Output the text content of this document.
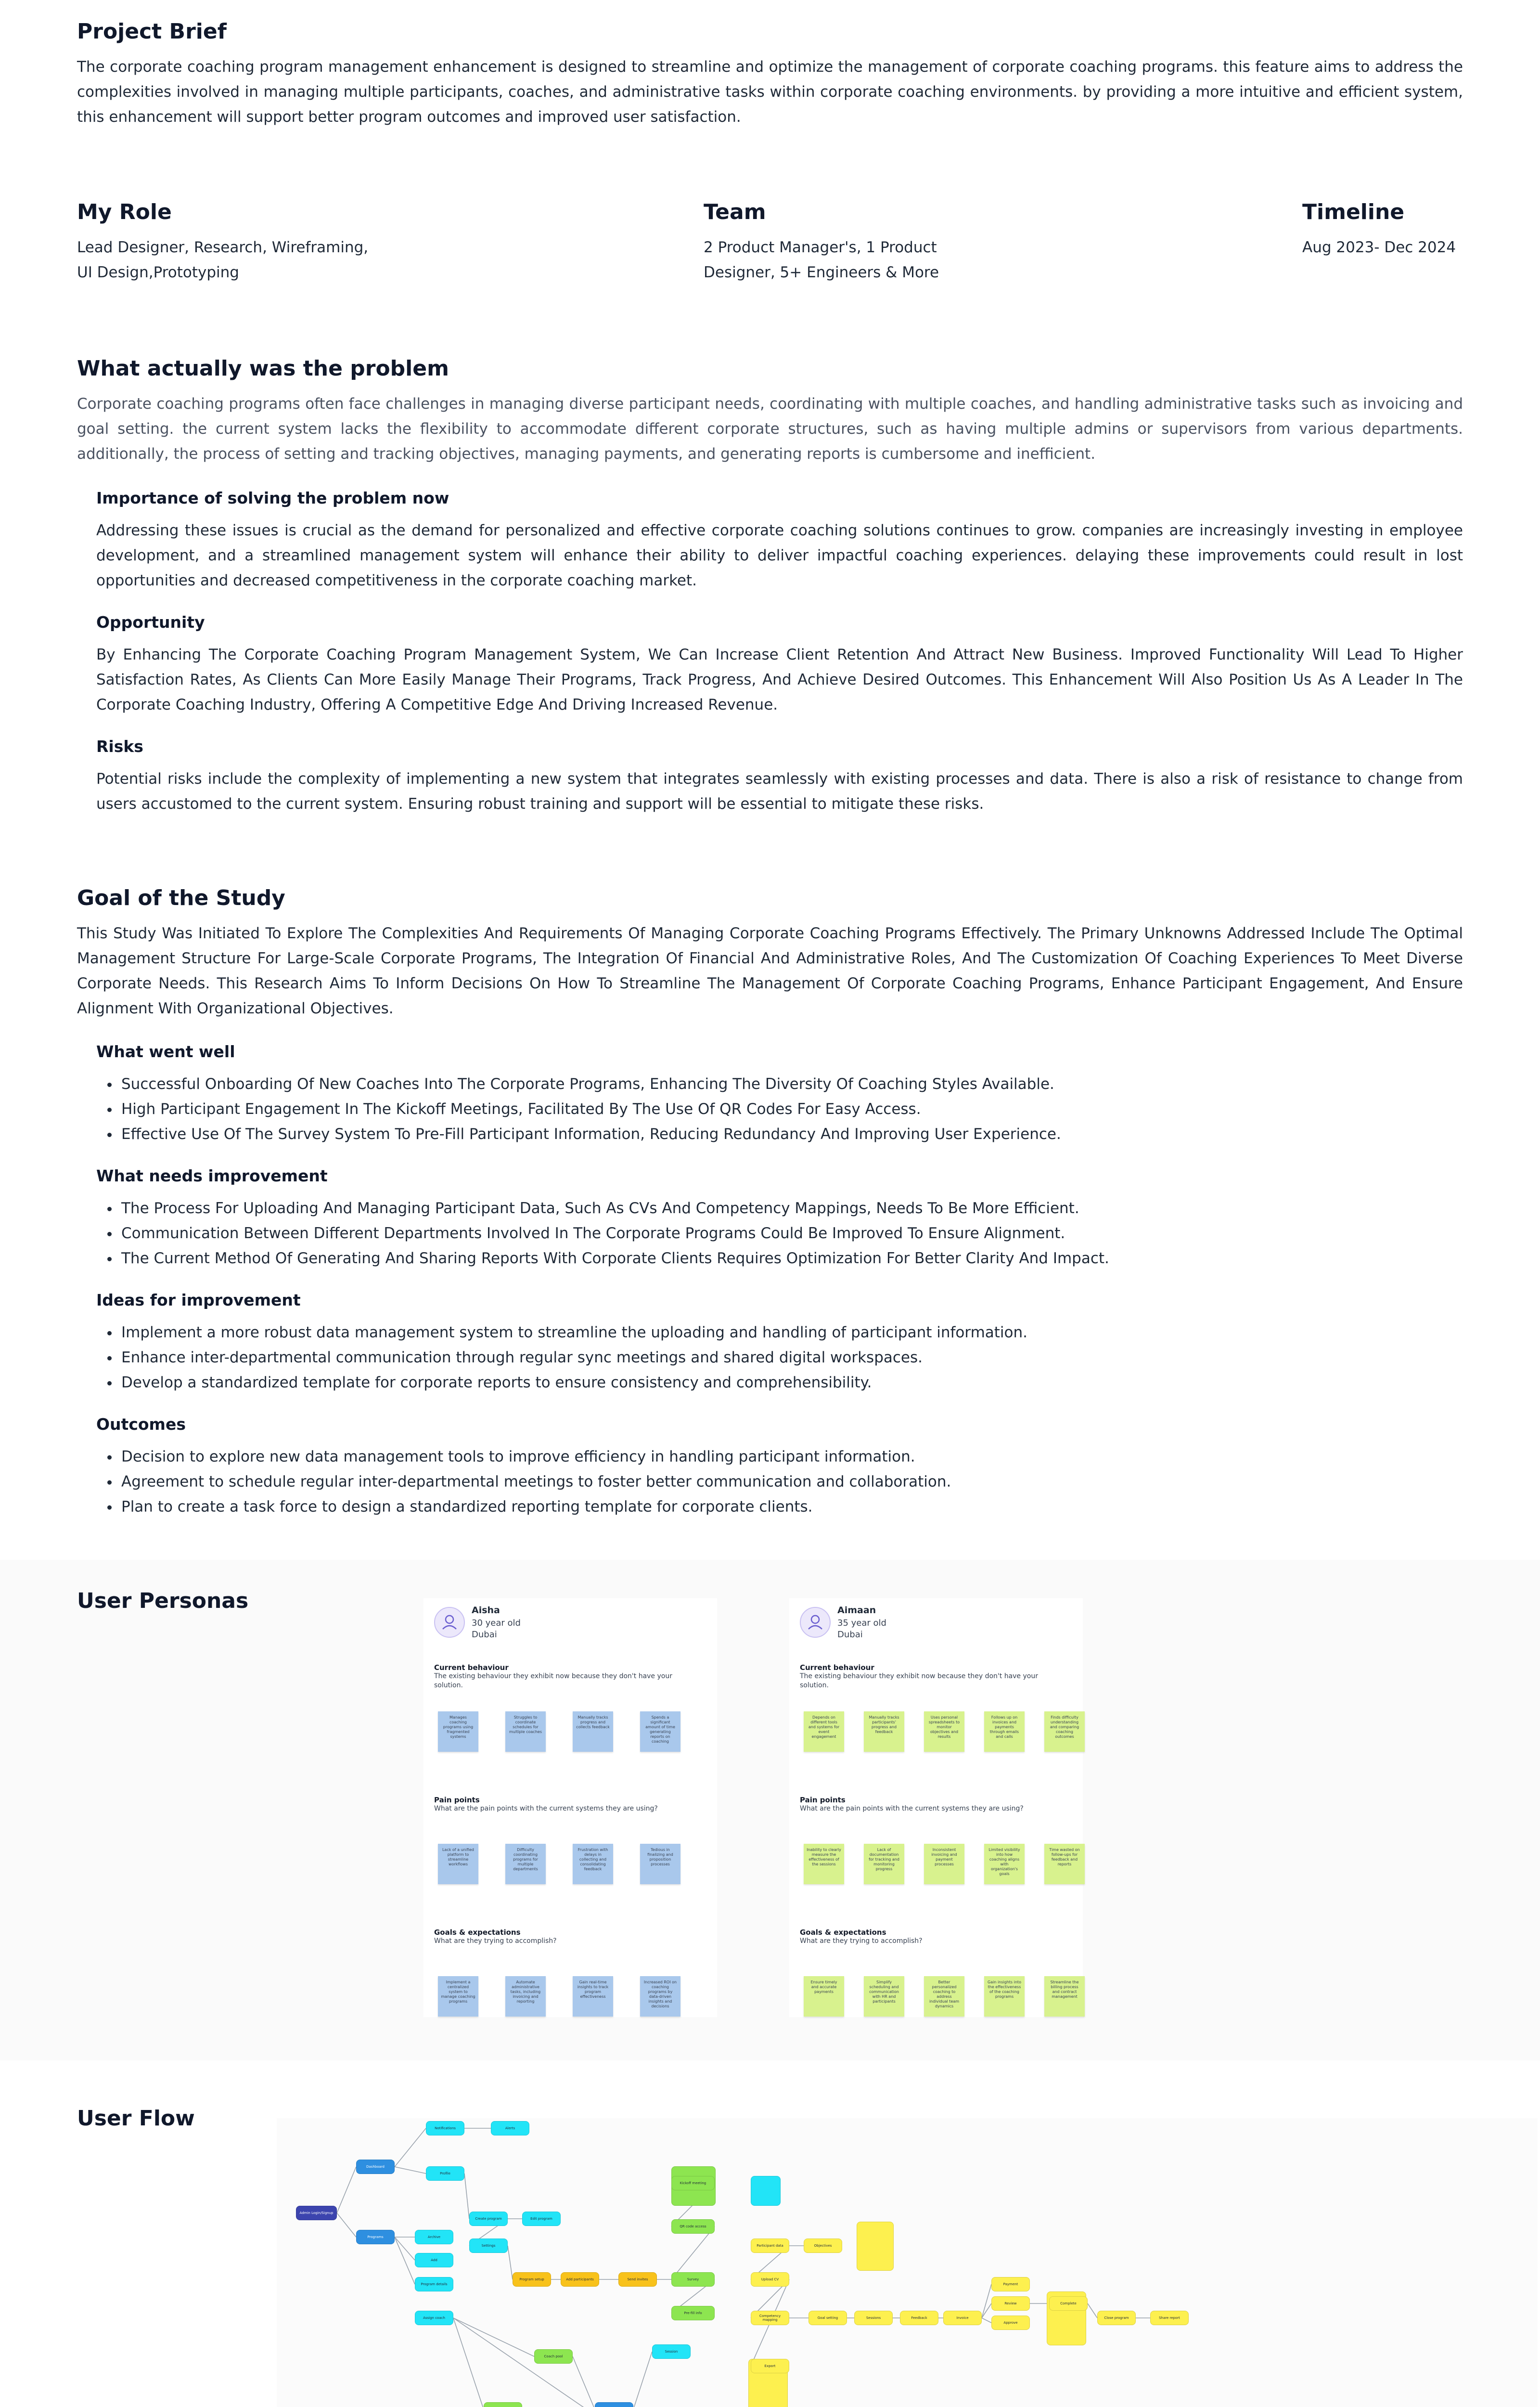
Project Brief

The corporate coaching program management enhancement is designed to streamline and optimize the management of corporate coaching programs. this feature aims to address the complexities involved in managing multiple participants, coaches, and administrative tasks within corporate coaching environments. by providing a more intuitive and efficient system, this enhancement will support better program outcomes and improved user satisfaction.

My Role
Lead Designer, Research, Wireframing,
UI Design,Prototyping
Team
2 Product Manager's, 1 Product
Designer, 5+ Engineers & More
Timeline
Aug 2023- Dec 2024
What actually was the problem

Corporate coaching programs often face challenges in managing diverse participant needs, coordinating with multiple coaches, and handling administrative tasks such as invoicing and goal setting. the current system lacks the flexibility to accommodate different corporate structures, such as having multiple admins or supervisors from various departments. additionally, the process of setting and tracking objectives, managing payments, and generating reports is cumbersome and inefficient.

Importance of solving the problem now

Addressing these issues is crucial as the demand for personalized and effective corporate coaching solutions continues to grow. companies are increasingly investing in employee development, and a streamlined management system will enhance their ability to deliver impactful coaching experiences. delaying these improvements could result in lost opportunities and decreased competitiveness in the corporate coaching market.

Opportunity

By Enhancing The Corporate Coaching Program Management System, We Can Increase Client Retention And Attract New Business. Improved Functionality Will Lead To Higher Satisfaction Rates, As Clients Can More Easily Manage Their Programs, Track Progress, And Achieve Desired Outcomes. This Enhancement Will Also Position Us As A Leader In The Corporate Coaching Industry, Offering A Competitive Edge And Driving Increased Revenue.

Risks

Potential risks include the complexity of implementing a new system that integrates seamlessly with existing processes and data. There is also a risk of resistance to change from users accustomed to the current system. Ensuring robust training and support will be essential to mitigate these risks.

Goal of the Study

This Study Was Initiated To Explore The Complexities And Requirements Of Managing Corporate Coaching Programs Effectively. The Primary Unknowns Addressed Include The Optimal Management Structure For Large-Scale Corporate Programs, The Integration Of Financial And Administrative Roles, And The Customization Of Coaching Experiences To Meet Diverse Corporate Needs. This Research Aims To Inform Decisions On How To Streamline The Management Of Corporate Coaching Programs, Enhance Participant Engagement, And Ensure Alignment With Organizational Objectives.

What went well
• Successful Onboarding Of New Coaches Into The Corporate Programs, Enhancing The Diversity Of Coaching Styles Available.
• High Participant Engagement In The Kickoff Meetings, Facilitated By The Use Of QR Codes For Easy Access.
• Effective Use Of The Survey System To Pre-Fill Participant Information, Reducing Redundancy And Improving User Experience.
What needs improvement
• The Process For Uploading And Managing Participant Data, Such As CVs And Competency Mappings, Needs To Be More Efficient.
• Communication Between Different Departments Involved In The Corporate Programs Could Be Improved To Ensure Alignment.
• The Current Method Of Generating And Sharing Reports With Corporate Clients Requires Optimization For Better Clarity And Impact.
Ideas for improvement
• Implement a more robust data management system to streamline the uploading and handling of participant information.
• Enhance inter-departmental communication through regular sync meetings and shared digital workspaces.
• Develop a standardized template for corporate reports to ensure consistency and comprehensibility.
Outcomes
• Decision to explore new data management tools to improve efficiency in handling participant information.
• Agreement to schedule regular inter-departmental meetings to foster better communication and collaboration.
• Plan to create a task force to design a standardized reporting template for corporate clients.
User Personas	Aisha
30 year old
Dubai
Current behaviour
The existing behaviour they exhibit now because they don't have your solution.
Manages coaching programs using fragmented systems
Struggles to coordinate schedules for multiple coaches
Manually tracks progress and collects feedback
Spends a significant amount of time generating reports on coaching
Pain points
What are the pain points with the current systems they are using?
Lack of a unified platform to streamline workflows
Difficulty coordinating programs for multiple departments
Frustration with delays in collecting and consolidating feedback
Tedious in finalizing and proposition processes
Goals & expectations
What are they trying to accomplish?
Implement a centralized system to manage coaching programs
Automate administrative tasks, including invoicing and reporting
Gain real-time insights to track program effectiveness
Increased ROI on coaching programs by data-driven insights and decisions
Aimaan
35 year old
Dubai
Current behaviour
The existing behaviour they exhibit now because they don't have your solution.
Depends on different tools and systems for event engagement
Manually tracks participants' progress and feedback
Uses personal spreadsheets to monitor objectives and results
Follows up on invoices and payments through emails and calls
Finds difficulty understanding and comparing coaching outcomes
Pain points
What are the pain points with the current systems they are using?
Inability to clearly measure the effectiveness of the sessions
Lack of documentation for tracking and monitoring progress
Inconsistent invoicing and payment processes
Limited visibility into how coaching aligns with organization's goals
Time wasted on follow-ups for feedback and reports
Goals & expectations
What are they trying to accomplish?
Ensure timely and accurate payments
Simplify scheduling and communication with HR and participants
Better personalized coaching to address individual team dynamics
Gain insights into the effectiveness of the coaching programs
Streamline the billing process and contract management
User Flow
Admin Login/Signup
Dashboard
Programs
Notifications	Alerts
Profile
Create program	Edit program
Archive
Settings
Add
Program details
Assign coach
Program setup	Add participants	Send invites
Kickoff meeting
QR code access
Survey
Pre-fill info
Coach pool
Session
Participant data	Objectives
Upload CV
Competency mapping	Goal setting	Sessions	Feedback	Invoice
Payment
Review
Approve
Complete
Close program	Share report
Export
